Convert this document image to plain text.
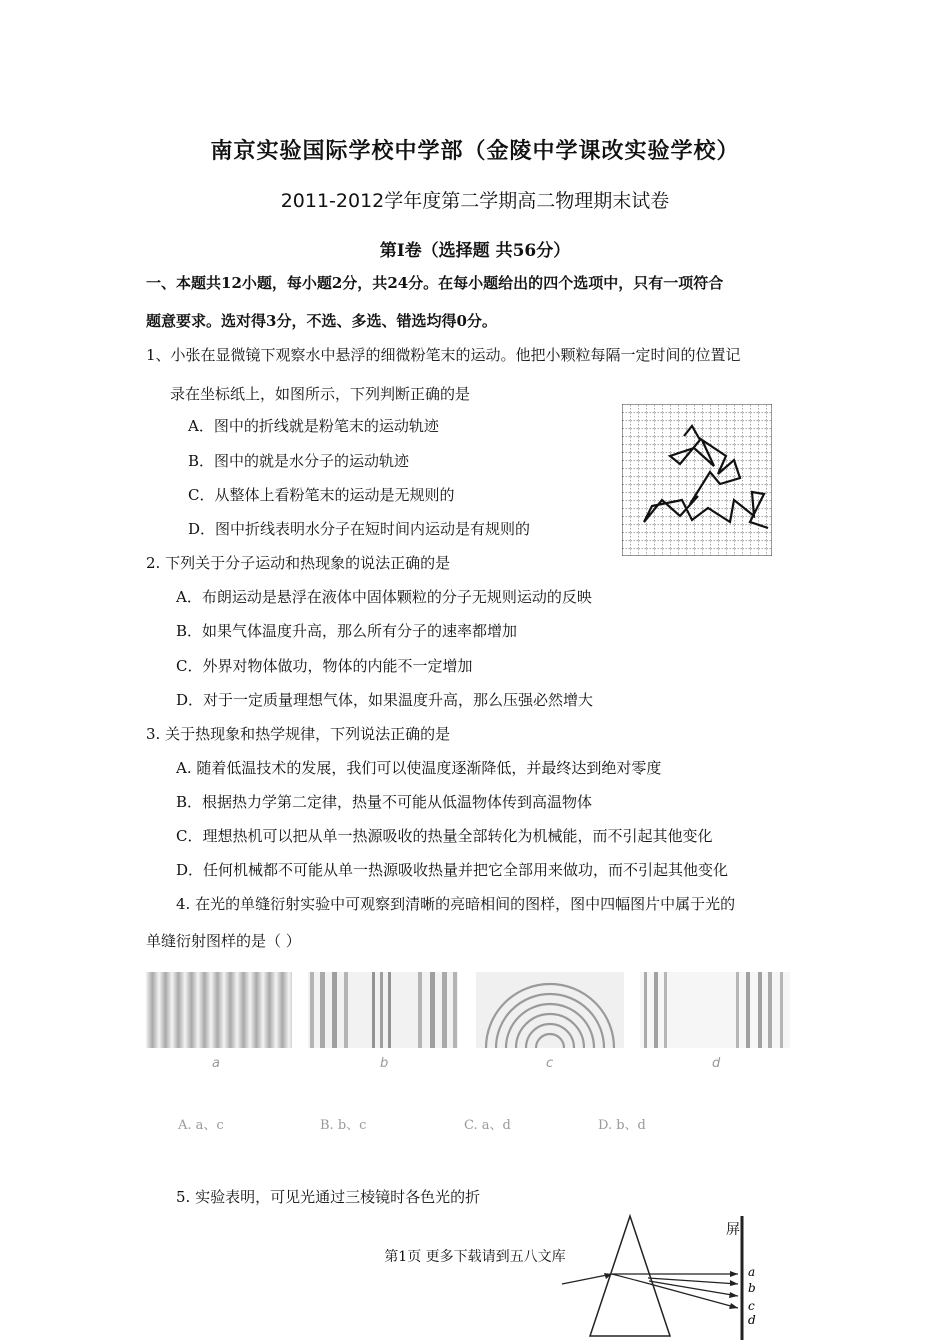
南京实验国际学校中学部（金陵中学课改实验学校）
2011-2012学年度第二学期高二物理期末试卷
第Ⅰ卷（选择题 共56分）
一、本题共12小题，每小题2分，共24分。在每小题给出的四个选项中，只有一项符合
题意要求。选对得3分，不选、多选、错选均得0分。
1、小张在显微镜下观察水中悬浮的细微粉笔末的运动。他把小颗粒每隔一定时间的位置记
录在坐标纸上，如图所示，下列判断正确的是
A．图中的折线就是粉笔末的运动轨迹
B．图中的就是水分子的运动轨迹
C．从整体上看粉笔末的运动是无规则的
D．图中折线表明水分子在短时间内运动是有规则的
2. 下列关于分子运动和热现象的说法正确的是
A．布朗运动是悬浮在液体中固体颗粒的分子无规则运动的反映
B．如果气体温度升高，那么所有分子的速率都增加
C．外界对物体做功，物体的内能不一定增加
D．对于一定质量理想气体，如果温度升高，那么压强必然增大
3. 关于热现象和热学规律，下列说法正确的是
A. 随着低温技术的发展，我们可以使温度逐渐降低，并最终达到绝对零度
B．根据热力学第二定律，热量不可能从低温物体传到高温物体
C．理想热机可以把从单一热源吸收的热量全部转化为机械能，而不引起其他变化
D．任何机械都不可能从单一热源吸收热量并把它全部用来做功，而不引起其他变化
4. 在光的单缝衍射实验中可观察到清晰的亮暗相间的图样，图中四幅图片中属于光的
单缝衍射图样的是（ ）
a	b	c	d
A. a、c	B. b、c	C. a、d	D. b、d
5. 实验表明，可见光通过三棱镜时各色光的折
屏
a
b
c
d
第1页 更多下载请到五八文库
